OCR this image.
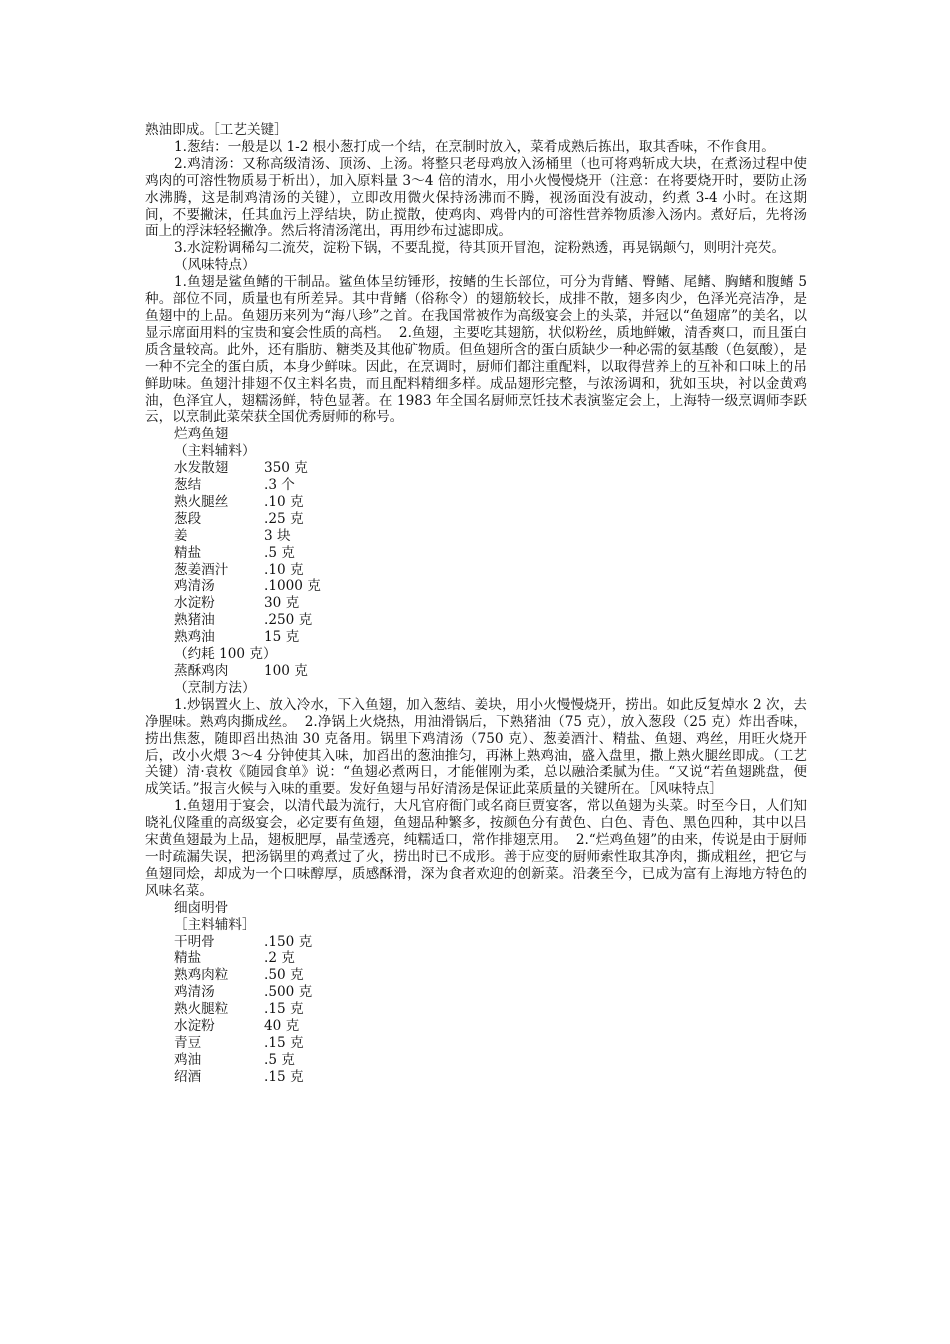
熟油即成。［工艺关键］

1.葱结：一般是以 1-2 根小葱打成一个结，在烹制时放入，菜肴成熟后拣出，取其香味，不作食用。

2.鸡清汤：又称高级清汤、顶汤、上汤。将整只老母鸡放入汤桶里（也可将鸡斩成大块，在煮汤过程中使鸡肉的可溶性物质易于析出），加入原料量 3～4 倍的清水，用小火慢慢烧开（注意：在将要烧开时，要防止汤水沸腾，这是制鸡清汤的关键），立即改用微火保持汤沸而不腾，视汤面没有波动，约煮 3-4 小时。在这期间，不要撇沫，任其血污上浮结块，防止搅散，使鸡肉、鸡骨内的可溶性营养物质渗入汤内。煮好后，先将汤面上的浮沫轻轻撇净。然后将清汤滗出，再用纱布过滤即成。

3.水淀粉调稀勾二流芡，淀粉下锅，不要乱搅，待其顶开冒泡，淀粉熟透，再晃锅颠勺，则明汁亮芡。

（风味特点）

1.鱼翅是鲨鱼鳍的干制品。鲨鱼体呈纺锤形，按鳍的生长部位，可分为背鳍、臀鳍、尾鳍、胸鳍和腹鳍 5 种。部位不同，质量也有所差异。其中背鳍（俗称令）的翅筋较长，成排不散，翅多肉少，色泽光亮洁净，是鱼翅中的上品。鱼翅历来列为“海八珍”之首。在我国常被作为高级宴会上的头菜，并冠以“鱼翅席”的美名，以显示席面用料的宝贵和宴会性质的高档。  2.鱼翅，主要吃其翅筋，状似粉丝，质地鲜嫩，清香爽口，而且蛋白质含量较高。此外，还有脂肪、糖类及其他矿物质。但鱼翅所含的蛋白质缺少一种必需的氨基酸（色氨酸），是一种不完全的蛋白质，本身少鲜味。因此，在烹调时，厨师们都注重配料，以取得营养上的互补和口味上的吊鲜助味。鱼翅汁排翅不仅主料名贵，而且配料精细多样。成品翅形完整，与浓汤调和，犹如玉块，衬以金黄鸡油，色泽宜人，翅糯汤鲜，特色显著。在 1983 年全国名厨师烹饪技术表演鉴定会上，上海特一级烹调师李跃云，以烹制此菜荣获全国优秀厨师的称号。

烂鸡鱼翅

（主料辅料）

水发散翅	350 克
葱结	.3 个
熟火腿丝	.10 克
葱段	.25 克
姜	3 块
精盐	.5 克
葱姜酒汁	.10 克
鸡清汤	.1000 克
水淀粉	30 克
熟猪油	.250 克
熟鸡油	15 克

（约耗 100 克）

蒸酥鸡肉	100 克

（烹制方法）

1.炒锅置火上、放入冷水，下入鱼翅，加入葱结、姜块，用小火慢慢烧开，捞出。如此反复焯水 2 次，去净腥味。熟鸡肉撕成丝。  2.净锅上火烧热，用油滑锅后，下熟猪油（75 克），放入葱段（25 克）炸出香味，捞出焦葱，随即舀出热油 30 克备用。锅里下鸡清汤（750 克）、葱姜酒汁、精盐、鱼翅、鸡丝，用旺火烧开后，改小火煨 3～4 分钟使其入味，加舀出的葱油推匀，再淋上熟鸡油，盛入盘里，撒上熟火腿丝即成。（工艺关键）清·袁枚《随园食单》说：“鱼翅必煮两日，才能催刚为柔，总以融洽柔腻为佳。“又说“若鱼翅跳盘，便成笑话。”报言火候与入味的重要。发好鱼翅与吊好清汤是保证此菜质量的关键所在。［风味特点］

1.鱼翅用于宴会，以清代最为流行，大凡官府衙门或名商巨贾宴客，常以鱼翅为头菜。时至今日，人们知晓礼仪隆重的高级宴会，必定要有鱼翅，鱼翅品种繁多，按颜色分有黄色、白色、青色、黑色四种，其中以吕宋黄鱼翅最为上品，翅板肥厚，晶莹透亮，纯糯适口，常作排翅烹用。  2.“烂鸡鱼翅”的由来，传说是由于厨师一时疏漏失误，把汤锅里的鸡煮过了火，捞出时已不成形。善于应变的厨师索性取其净肉，撕成粗丝，把它与鱼翅同烩，却成为一个口味醇厚，质感酥滑，深为食者欢迎的创新菜。沿袭至今，已成为富有上海地方特色的风味名菜。

细卤明骨

［主料辅料］

干明骨	.150 克
精盐	.2 克
熟鸡肉粒	.50 克
鸡清汤	.500 克
熟火腿粒	.15 克
水淀粉	40 克
青豆	.15 克
鸡油	.5 克
绍酒	.15 克
